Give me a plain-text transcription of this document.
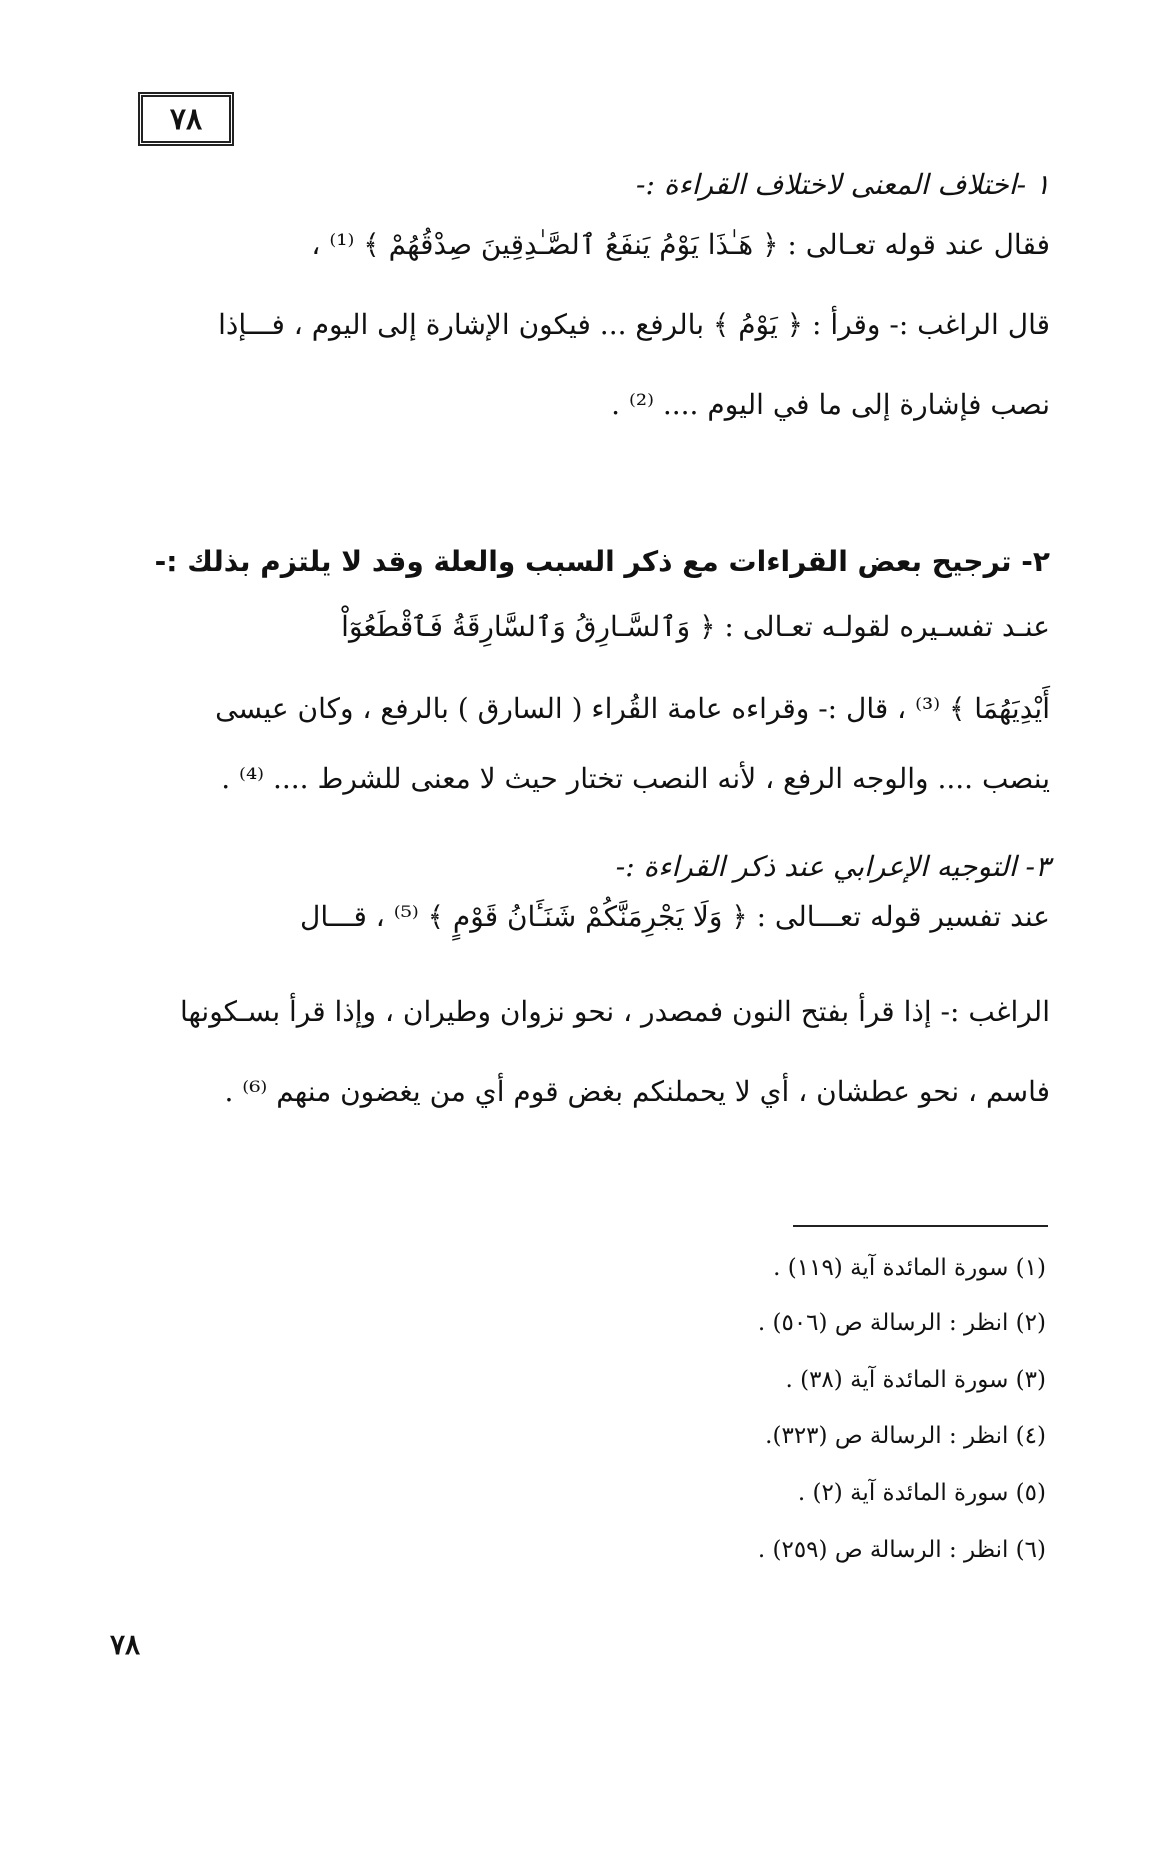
٧٨
١ -اختلاف المعنى لاختلاف القراءة :-
فقال عند قوله تعـالى : ﴿ هَـٰذَا يَوْمُ يَنفَعُ ٱلصَّـٰدِقِينَ صِدْقُهُمْ ﴾ ⁽¹⁾ ،
قال الراغب :- وقرأ : ﴿ يَوْمُ ﴾ بالرفع ... فيكون الإشارة إلى اليوم ، فـــإذا
نصب فإشارة إلى ما في اليوم .... ⁽²⁾ .
٢- ترجيح بعض القراءات مع ذكر السبب والعلة وقد لا يلتزم بذلك :-
عنـد تفسـيره لقولـه تعـالى : ﴿ وَٱلسَّـارِقُ وَٱلسَّارِقَةُ فَٱقْطَعُوٓاْ
أَيْدِيَهُمَا ﴾ ⁽³⁾ ، قال :- وقراءه عامة القُراء ( السارق ) بالرفع ، وكان عيسى
ينصب .... والوجه الرفع ، لأنه النصب تختار حيث لا معنى للشرط .... ⁽⁴⁾ .
٣- التوجيه الإعرابي عند ذكر القراءة :-
عند تفسير قوله تعـــالى : ﴿ وَلَا يَجْرِمَنَّكُمْ شَنَـَٔانُ قَوْمٍ ﴾ ⁽⁵⁾ ، قـــال
الراغب :- إذا قرأ بفتح النون فمصدر ، نحو نزوان وطيران ، وإذا قرأ بسـكونها
فاسم ، نحو عطشان ، أي لا يحملنكم بغض قوم أي من يغضون منهم ⁽⁶⁾ .
(١) سورة المائدة آية (١١٩) .
(٢) انظر : الرسالة ص (٥٠٦) .
(٣) سورة المائدة آية (٣٨) .
(٤) انظر : الرسالة ص (٣٢٣).
(٥) سورة المائدة آية (٢) .
(٦) انظر : الرسالة ص (٢٥٩) .
٧٨
